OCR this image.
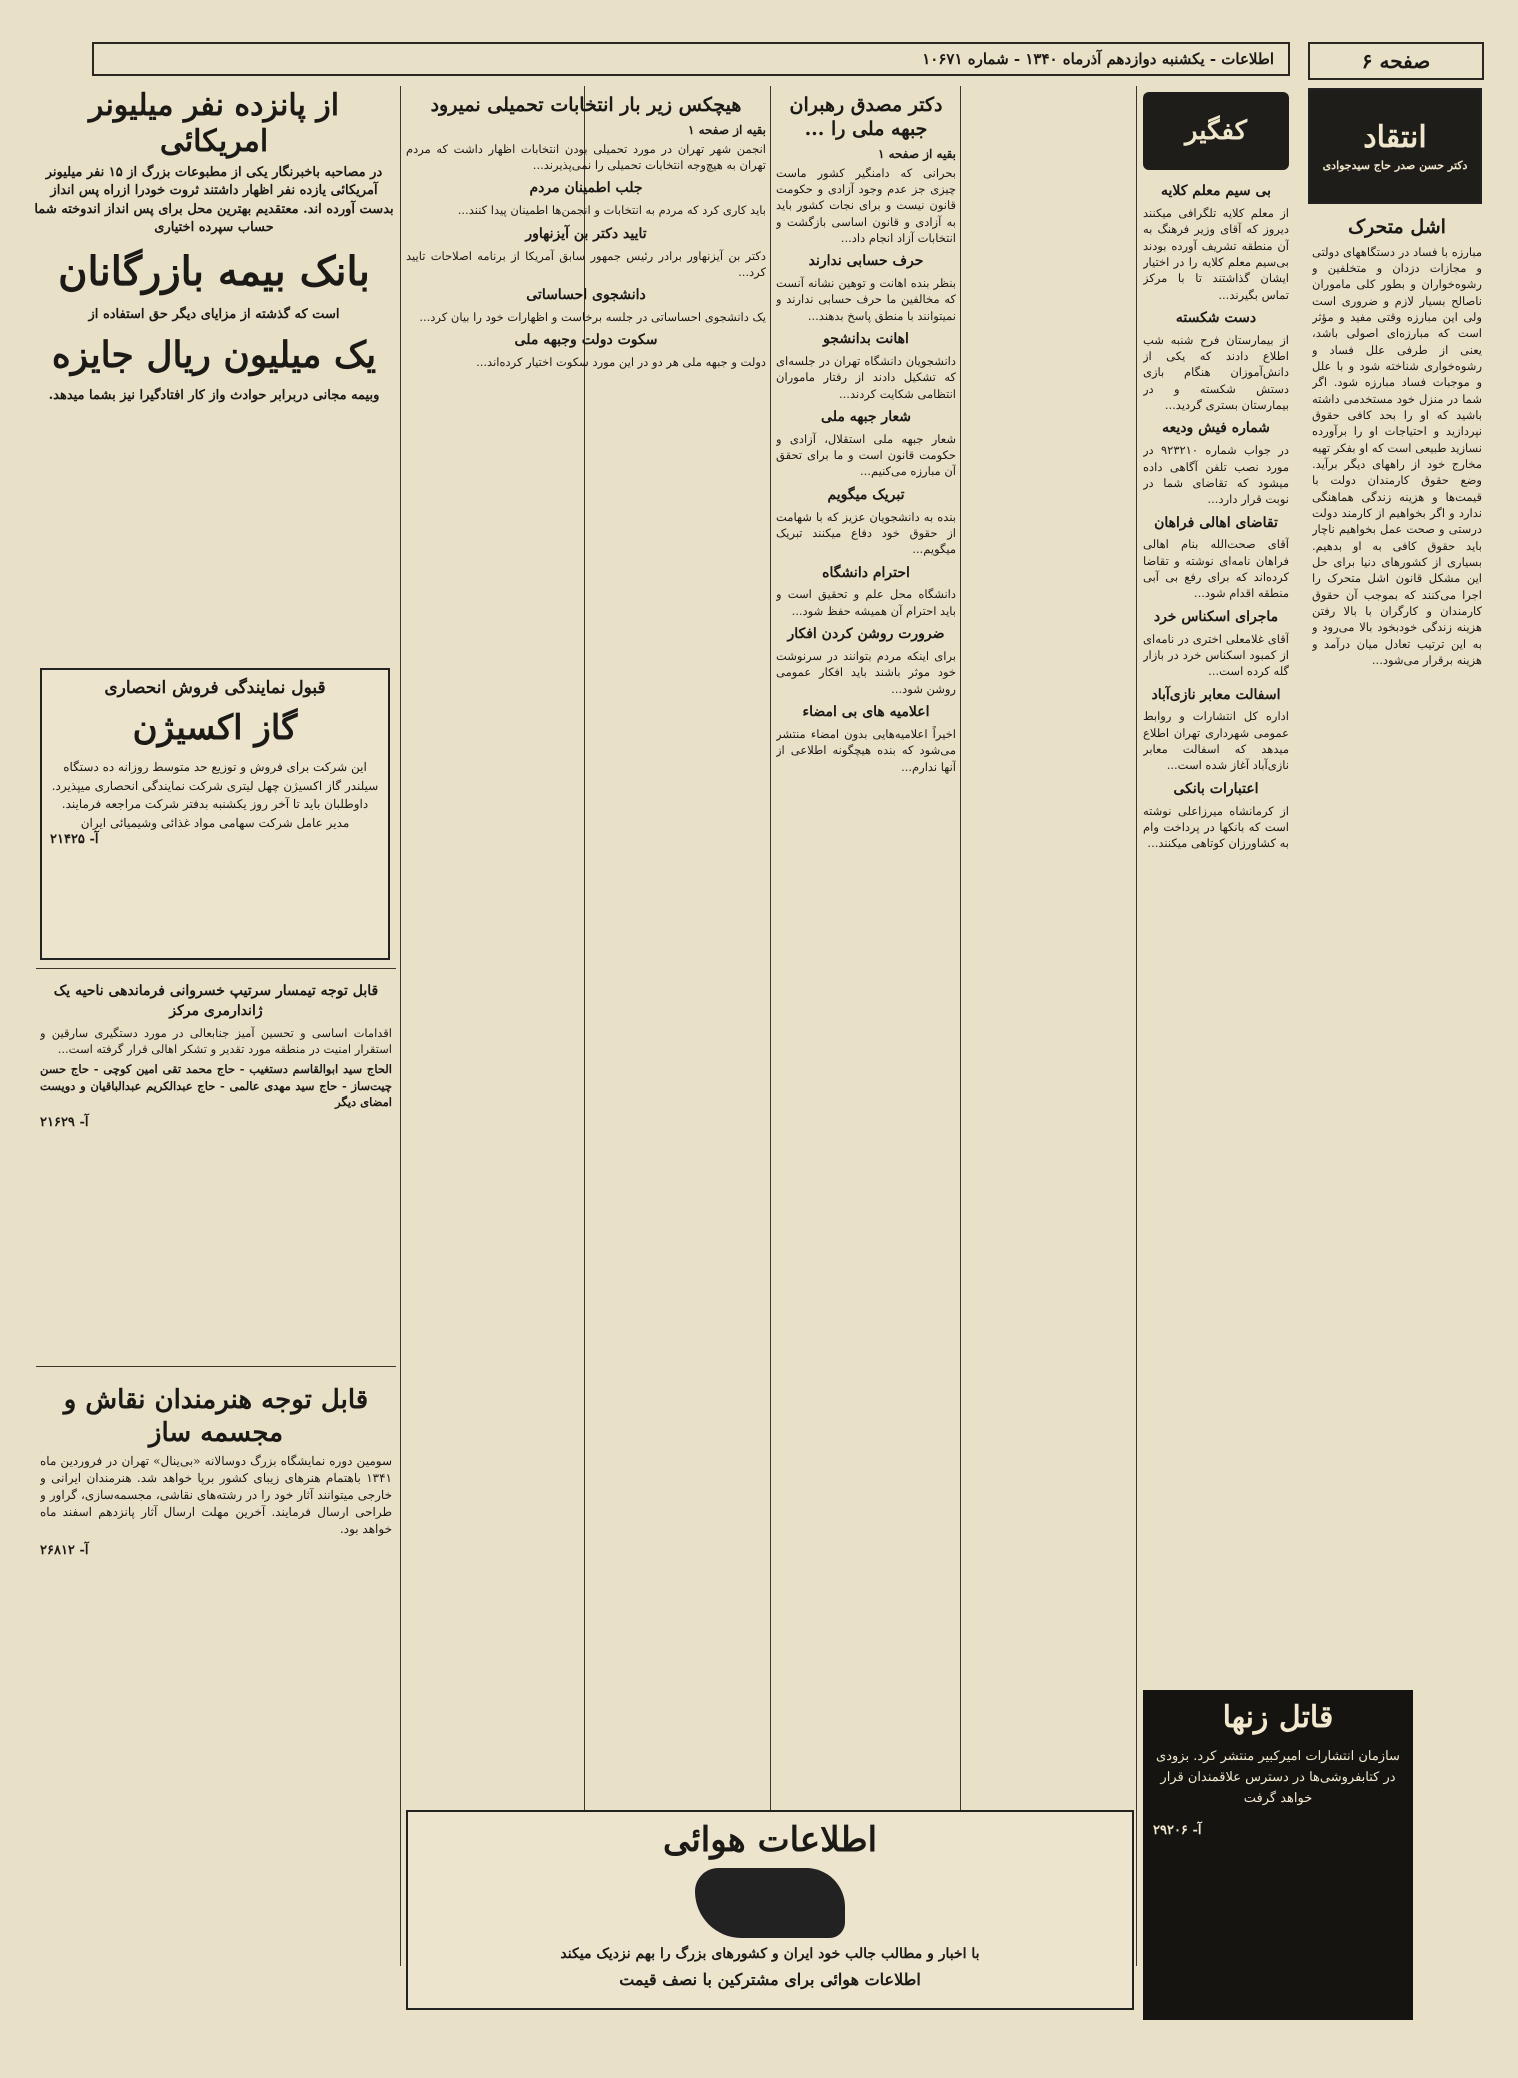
صفحه ۶
اطلاعات - یکشنبه دوازدهم آذرماه ۱۳۴۰ - شماره ۱۰۶۷۱
انتقاد
دکتر حسن صدر حاج سیدجوادی
اشل متحرک

مبارزه با فساد در دستگاههای دولتی و مجازات دزدان و متخلفین و رشوه‌خواران و بطور کلی ماموران ناصالح بسیار لازم و ضروری است ولی این مبارزه وقتی مفید و مؤثر است که مبارزه‌ای اصولی باشد، یعنی از طرفی علل فساد و رشوه‌خواری شناخته شود و با علل و موجبات فساد مبارزه شود. اگر شما در منزل خود مستخدمی داشته باشید که او را بحد کافی حقوق نپردازید و احتیاجات او را برآورده نسازید طبیعی است که او بفکر تهیه مخارج خود از راههای دیگر برآید. وضع حقوق کارمندان دولت با قیمت‌ها و هزینه زندگی هماهنگی ندارد و اگر بخواهیم از کارمند دولت درستی و صحت عمل بخواهیم ناچار باید حقوق کافی به او بدهیم. بسیاری از کشورهای دنیا برای حل این مشکل قانون اشل متحرک را اجرا می‌کنند که بموجب آن حقوق کارمندان و کارگران با بالا رفتن هزینه زندگی خودبخود بالا می‌رود و به این ترتیب تعادل میان درآمد و هزینه برقرار می‌شود...

کفگیر
بی سیم معلم کلایه

از معلم کلایه تلگرافی میکنند دیروز که آقای وزیر فرهنگ به آن منطقه تشریف آورده بودند بی‌سیم معلم کلایه را در اختیار ایشان گذاشتند تا با مرکز تماس بگیرند...

دست شکسته

از بیمارستان فرح شنبه شب اطلاع دادند که یکی از دانش‌آموزان هنگام بازی دستش شکسته و در بیمارستان بستری گردید...

شماره فیش ودیعه

در جواب شماره ۹۲۳۲۱۰ در مورد نصب تلفن آگاهی داده میشود که تقاضای شما در نوبت قرار دارد...

تقاضای اهالی فراهان

آقای صحت‌الله بنام اهالی فراهان نامه‌ای نوشته و تقاضا کرده‌اند که برای رفع بی آبی منطقه اقدام شود...

ماجرای اسکناس خرد

آقای غلامعلی اختری در نامه‌ای از کمبود اسکناس خرد در بازار گله کرده است...

اسفالت معابر نازی‌آباد

اداره کل انتشارات و روابط عمومی شهرداری تهران اطلاع میدهد که اسفالت معابر نازی‌آباد آغاز شده است...

اعتبارات بانکی

از کرمانشاه میرزاعلی نوشته است که بانکها در پرداخت وام به کشاورزان کوتاهی میکنند...

قاتل زنها
سازمان انتشارات امیرکبیر منتشر کرد. بزودی در کتابفروشی‌ها در دسترس علاقمندان قرار خواهد گرفت
آ- ۲۹۲۰۶
دکتر مصدق رهبران جبهه ملی را ...
بقیه از صفحه ۱

بحرانی که دامنگیر کشور ماست چیزی جز عدم وجود آزادی و حکومت قانون نیست و برای نجات کشور باید به آزادی و قانون اساسی بازگشت و انتخابات آزاد انجام داد...

حرف حسابی ندارند

بنظر بنده اهانت و توهین نشانه آنست که مخالفین ما حرف حسابی ندارند و نمیتوانند با منطق پاسخ بدهند...

اهانت بدانشجو

دانشجویان دانشگاه تهران در جلسه‌ای که تشکیل دادند از رفتار ماموران انتظامی شکایت کردند...

شعار جبهه ملی

شعار جبهه ملی استقلال، آزادی و حکومت قانون است و ما برای تحقق آن مبارزه می‌کنیم...

تبریک میگویم

بنده به دانشجویان عزیز که با شهامت از حقوق خود دفاع میکنند تبریک میگویم...

احترام دانشگاه

دانشگاه محل علم و تحقیق است و باید احترام آن همیشه حفظ شود...

ضرورت روشن کردن افکار

برای اینکه مردم بتوانند در سرنوشت خود موثر باشند باید افکار عمومی روشن شود...

اعلامیه های بی امضاء

اخیراً اعلامیه‌هایی بدون امضاء منتشر می‌شود که بنده هیچگونه اطلاعی از آنها ندارم...

هیچکس زیر بار انتخابات تحمیلی نمیرود
بقیه از صفحه ۱

انجمن شهر تهران در مورد تحمیلی بودن انتخابات اظهار داشت که مردم تهران به هیچ‌وجه انتخابات تحمیلی را نمی‌پذیرند...

جلب اطمینان مردم

باید کاری کرد که مردم به انتخابات و انجمن‌ها اطمینان پیدا کنند...

تایید دکتر بن آیزنهاور

دکتر بن آیزنهاور برادر رئیس جمهور سابق آمریکا از برنامه اصلاحات تایید کرد...

دانشجوی احساساتی

یک دانشجوی احساساتی در جلسه برخاست و اظهارات خود را بیان کرد...

سکوت دولت وجبهه ملی

دولت و جبهه ملی هر دو در این مورد سکوت اختیار کرده‌اند...

اطلاعات هوائی
با اخبار و مطالب جالب خود ایران و کشورهای بزرگ را بهم نزدیک میکند
اطلاعات هوائی برای مشترکین با نصف قیمت
از پانزده نفر میلیونر امریکائی

در مصاحبه باخبرنگار یکی از مطبوعات بزرگ از ۱۵ نفر میلیونر آمریکائی یازده نفر اظهار داشتند ثروت خودرا ازراه پس انداز بدست آورده اند. معتقدیم بهترین محل برای پس انداز اندوخته شما حساب سپرده اختیاری

بانک بیمه بازرگانان

است که گذشته از مزایای دیگر حق استفاده از

یک میلیون ریال جایزه

وبیمه مجانی دربرابر حوادث واز کار افتادگیرا نیز بشما میدهد.

قبول نمایندگی فروش انحصاری
گاز اکسیژن
این شرکت برای فروش و توزیع حد متوسط روزانه ده دستگاه سیلندر گاز اکسیژن چهل لیتری شرکت نمایندگی انحصاری میپذیرد. داوطلبان باید تا آخر روز یکشنبه بدفتر شرکت مراجعه فرمایند. مدیر عامل شرکت سهامی مواد غذائی وشیمیائی ایران
آ- ۲۱۴۲۵
قابل توجه تیمسار سرتیپ خسروانی فرماندهی ناحیه یک ژاندارمری مرکز

اقدامات اساسی و تحسین آمیز جنابعالی در مورد دستگیری سارقین و استقرار امنیت در منطقه مورد تقدیر و تشکر اهالی قرار گرفته است...

الحاج سید ابوالقاسم دستغیب - حاج محمد تقی امین کوچی - حاج حسن چیت‌ساز - حاج سید مهدی عالمی - حاج عبدالکریم عبدالباقیان و دویست امضای دیگر

آ- ۲۱۶۲۹
قابل توجه هنرمندان نقاش و مجسمه ساز

سومین دوره نمایشگاه بزرگ دوسالانه «بی‌ینال» تهران در فروردین ماه ۱۳۴۱ باهتمام هنرهای زیبای کشور برپا خواهد شد. هنرمندان ایرانی و خارجی میتوانند آثار خود را در رشته‌های نقاشی، مجسمه‌سازی، گراور و طراحی ارسال فرمایند. آخرین مهلت ارسال آثار پانزدهم اسفند ماه خواهد بود.

آ- ۲۶۸۱۲
